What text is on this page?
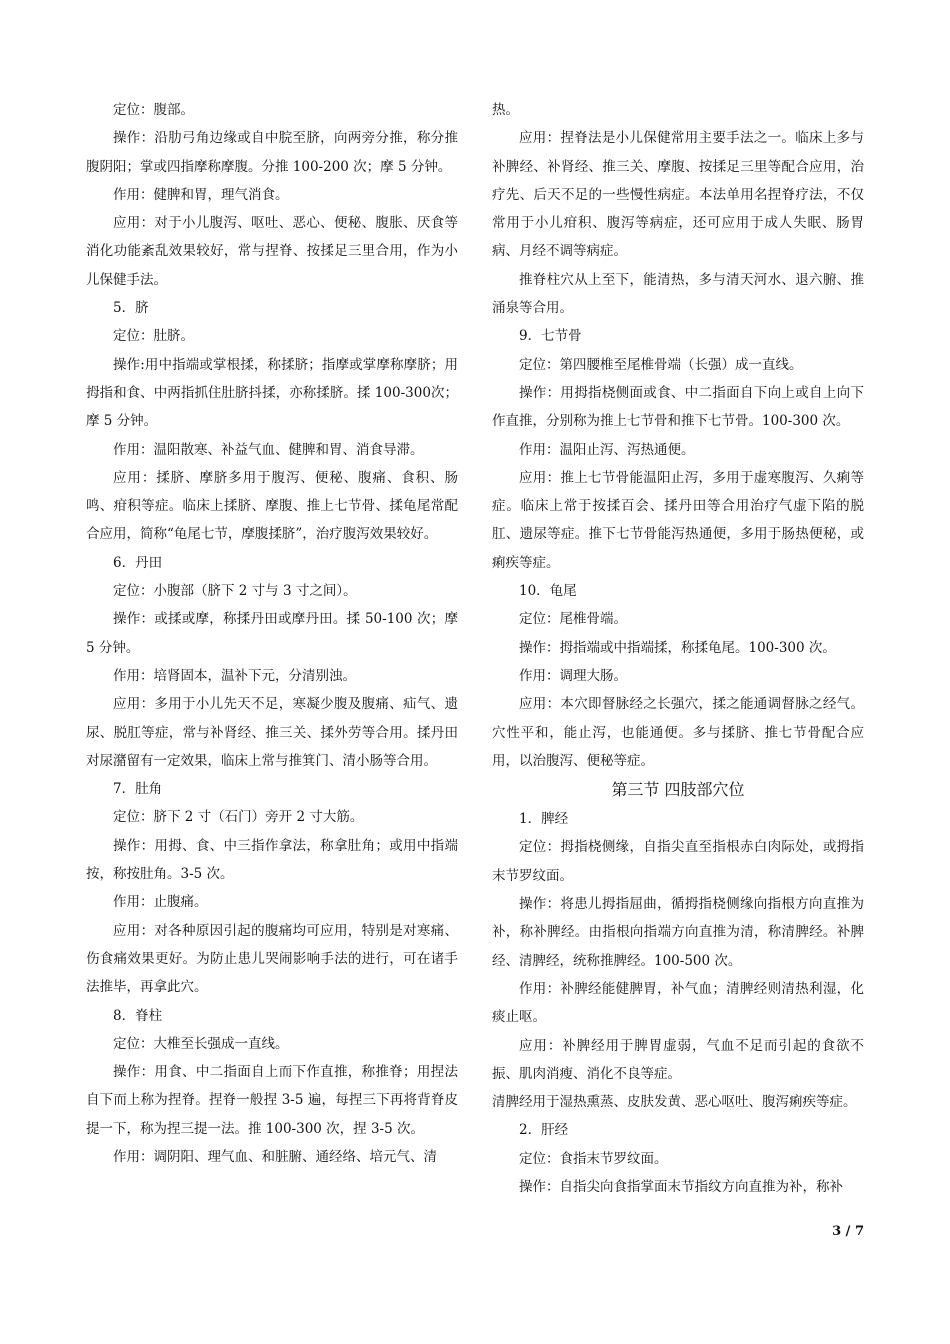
定位：腹部。

操作：沿肋弓角边缘或自中脘至脐，向两旁分推，称分推腹阴阳；掌或四指摩称摩腹。分推 100-200 次；摩 5 分钟。

作用：健脾和胃，理气消食。

应用：对于小儿腹泻、呕吐、恶心、便秘、腹胀、厌食等消化功能紊乱效果较好，常与捏脊、按揉足三里合用，作为小儿保健手法。

5．脐

定位：肚脐。

操作:用中指端或掌根揉，称揉脐；指摩或掌摩称摩脐；用拇指和食、中两指抓住肚脐抖揉，亦称揉脐。揉 100-300次；摩 5 分钟。

作用：温阳散寒、补益气血、健脾和胃、消食导滞。

应用：揉脐、摩脐多用于腹泻、便秘、腹痛、食积、肠鸣、疳积等症。临床上揉脐、摩腹、推上七节骨、揉龟尾常配合应用，简称“龟尾七节，摩腹揉脐”，治疗腹泻效果较好。

6．丹田

定位：小腹部（脐下 2 寸与 3 寸之间）。

操作：或揉或摩，称揉丹田或摩丹田。揉 50-100 次；摩 5 分钟。

作用：培肾固本，温补下元，分清别浊。

应用：多用于小儿先天不足，寒凝少腹及腹痛、疝气、遗尿、脱肛等症，常与补肾经、推三关、揉外劳等合用。揉丹田对尿潴留有一定效果，临床上常与推箕门、清小肠等合用。

7．肚角

定位：脐下 2 寸（石门）旁开 2 寸大筋。

操作：用拇、食、中三指作拿法，称拿肚角；或用中指端按，称按肚角。3-5 次。

作用：止腹痛。

应用：对各种原因引起的腹痛均可应用，特别是对寒痛、伤食痛效果更好。为防止患儿哭闹影响手法的进行，可在诸手法推毕，再拿此穴。

8．脊柱

定位：大椎至长强成一直线。

操作：用食、中二指面自上而下作直推，称推脊；用捏法自下而上称为捏脊。捏脊一般捏 3-5 遍，每捏三下再将背脊皮提一下，称为捏三提一法。推 100-300 次，捏 3-5 次。

作用：调阴阳、理气血、和脏腑、通经络、培元气、清

热。

应用：捏脊法是小儿保健常用主要手法之一。临床上多与补脾经、补肾经、推三关、摩腹、按揉足三里等配合应用，治疗先、后天不足的一些慢性病症。本法单用名捏脊疗法，不仅常用于小儿疳积、腹泻等病症，还可应用于成人失眠、肠胃病、月经不调等病症。

推脊柱穴从上至下，能清热，多与清天河水、退六腑、推涌泉等合用。

9．七节骨

定位：第四腰椎至尾椎骨端（长强）成一直线。

操作：用拇指桡侧面或食、中二指面自下向上或自上向下作直推，分别称为推上七节骨和推下七节骨。100-300 次。

作用：温阳止泻、泻热通便。

应用：推上七节骨能温阳止泻，多用于虚寒腹泻、久痢等症。临床上常于按揉百会、揉丹田等合用治疗气虚下陷的脱肛、遗尿等症。推下七节骨能泻热通便，多用于肠热便秘，或痢疾等症。

10．龟尾

定位：尾椎骨端。

操作：拇指端或中指端揉，称揉龟尾。100-300 次。

作用：调理大肠。

应用：本穴即督脉经之长强穴，揉之能通调督脉之经气。穴性平和，能止泻，也能通便。多与揉脐、推七节骨配合应用，以治腹泻、便秘等症。

第三节 四肢部穴位

1．脾经

定位：拇指桡侧缘，自指尖直至指根赤白肉际处，或拇指末节罗纹面。

操作：将患儿拇指屈曲，循拇指桡侧缘向指根方向直推为补，称补脾经。由指根向指端方向直推为清，称清脾经。补脾经、清脾经，统称推脾经。100-500 次。

作用：补脾经能健脾胃，补气血；清脾经则清热利湿，化痰止呕。

应用：补脾经用于脾胃虚弱，气血不足而引起的食欲不振、肌肉消瘦、消化不良等症。

清脾经用于湿热熏蒸、皮肤发黄、恶心呕吐、腹泻痢疾等症。

2．肝经

定位：食指末节罗纹面。

操作：自指尖向食指掌面末节指纹方向直推为补，称补

3 / 7
